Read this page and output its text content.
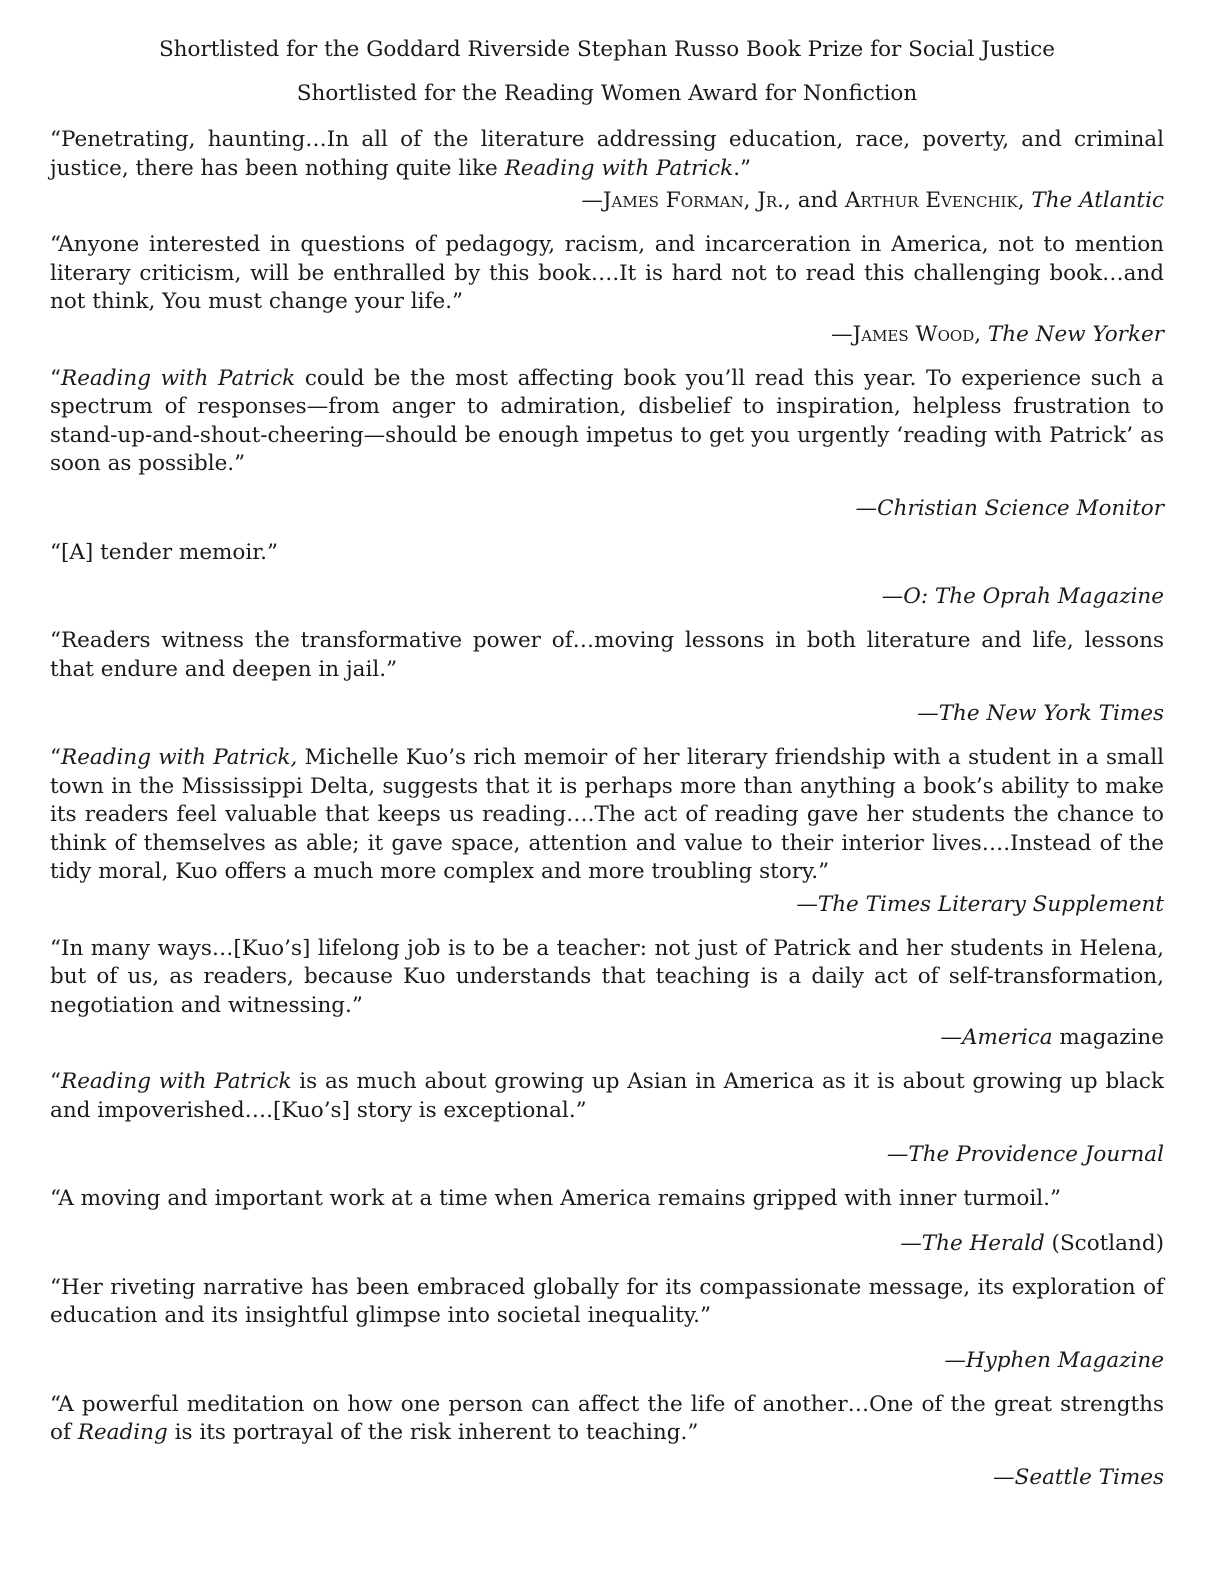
Shortlisted for the Goddard Riverside Stephan Russo Book Prize for Social Justice

Shortlisted for the Reading Women Award for Nonfiction

“Penetrating, haunting…In all of the literature addressing education, race, poverty, and criminal justice, there has been nothing quite like Reading with Patrick.”

—James Forman, Jr., and Arthur Evenchik, The Atlantic

“Anyone interested in questions of pedagogy, racism, and incarceration in America, not to mention literary criticism, will be enthralled by this book….It is hard not to read this challenging book…and not think, You must change your life.”

—James Wood, The New Yorker

“Reading with Patrick could be the most affecting book you’ll read this year. To experience such a spectrum of responses—from anger to admiration, disbelief to inspiration, helpless frustration to stand-up-and-shout-cheering—should be enough impetus to get you urgently ‘reading with Patrick’ as soon as possible.”

—Christian Science Monitor

“[A] tender memoir.”

—O: The Oprah Magazine

“Readers witness the transformative power of…moving lessons in both literature and life, lessons that endure and deepen in jail.”

—The New York Times

“Reading with Patrick, Michelle Kuo’s rich memoir of her literary friendship with a student in a small town in the Mississippi Delta, suggests that it is perhaps more than anything a book’s ability to make its readers feel valuable that keeps us reading….The act of reading gave her students the chance to think of themselves as able; it gave space, attention and value to their interior lives….Instead of the tidy moral, Kuo offers a much more complex and more troubling story.”

—The Times Literary Supplement

“In many ways…[Kuo’s] lifelong job is to be a teacher: not just of Patrick and her students in Helena, but of us, as readers, because Kuo understands that teaching is a daily act of self-transformation, negotiation and witnessing.”

—America magazine

“Reading with Patrick is as much about growing up Asian in America as it is about growing up black and impoverished….[Kuo’s] story is exceptional.”

—The Providence Journal

“A moving and important work at a time when America remains gripped with inner turmoil.”

—The Herald (Scotland)

“Her riveting narrative has been embraced globally for its compassionate message, its exploration of education and its insightful glimpse into societal inequality.”

—Hyphen Magazine

“A powerful meditation on how one person can affect the life of another…One of the great strengths of Reading is its portrayal of the risk inherent to teaching.”

—Seattle Times
